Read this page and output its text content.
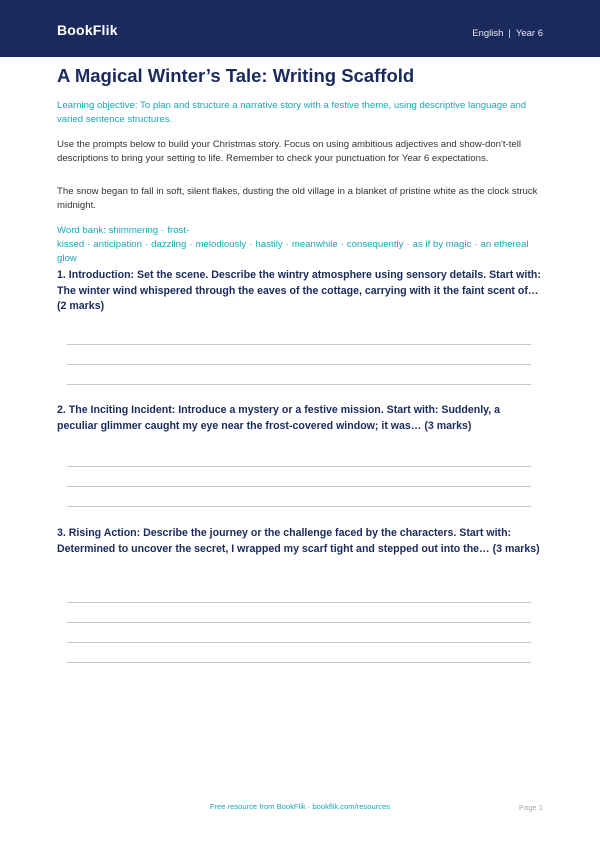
BookFlik	English | Year 6
A Magical Winter’s Tale: Writing Scaffold

Learning objective: To plan and structure a narrative story with a festive theme, using descriptive language and varied sentence structures.

Use the prompts below to build your Christmas story. Focus on using ambitious adjectives and show-don't-tell descriptions to bring your setting to life. Remember to check your punctuation for Year 6 expectations.

The snow began to fall in soft, silent flakes, dusting the old village in a blanket of pristine white as the clock struck midnight.

Word bank: shimmering · frost-kissed · anticipation · dazzling · melodiously · hastily · meanwhile · consequently · as if by magic · an ethereal glow

1. Introduction: Set the scene. Describe the wintry atmosphere using sensory details. Start with: The winter wind whispered through the eaves of the cottage, carrying with it the faint scent of… (2 marks)

2. The Inciting Incident: Introduce a mystery or a festive mission. Start with: Suddenly, a peculiar glimmer caught my eye near the frost-covered window; it was… (3 marks)

3. Rising Action: Describe the journey or the challenge faced by the characters. Start with: Determined to uncover the secret, I wrapped my scarf tight and stepped out into the… (3 marks)

Free resource from BookFlik · bookflik.com/resources	Page 1
